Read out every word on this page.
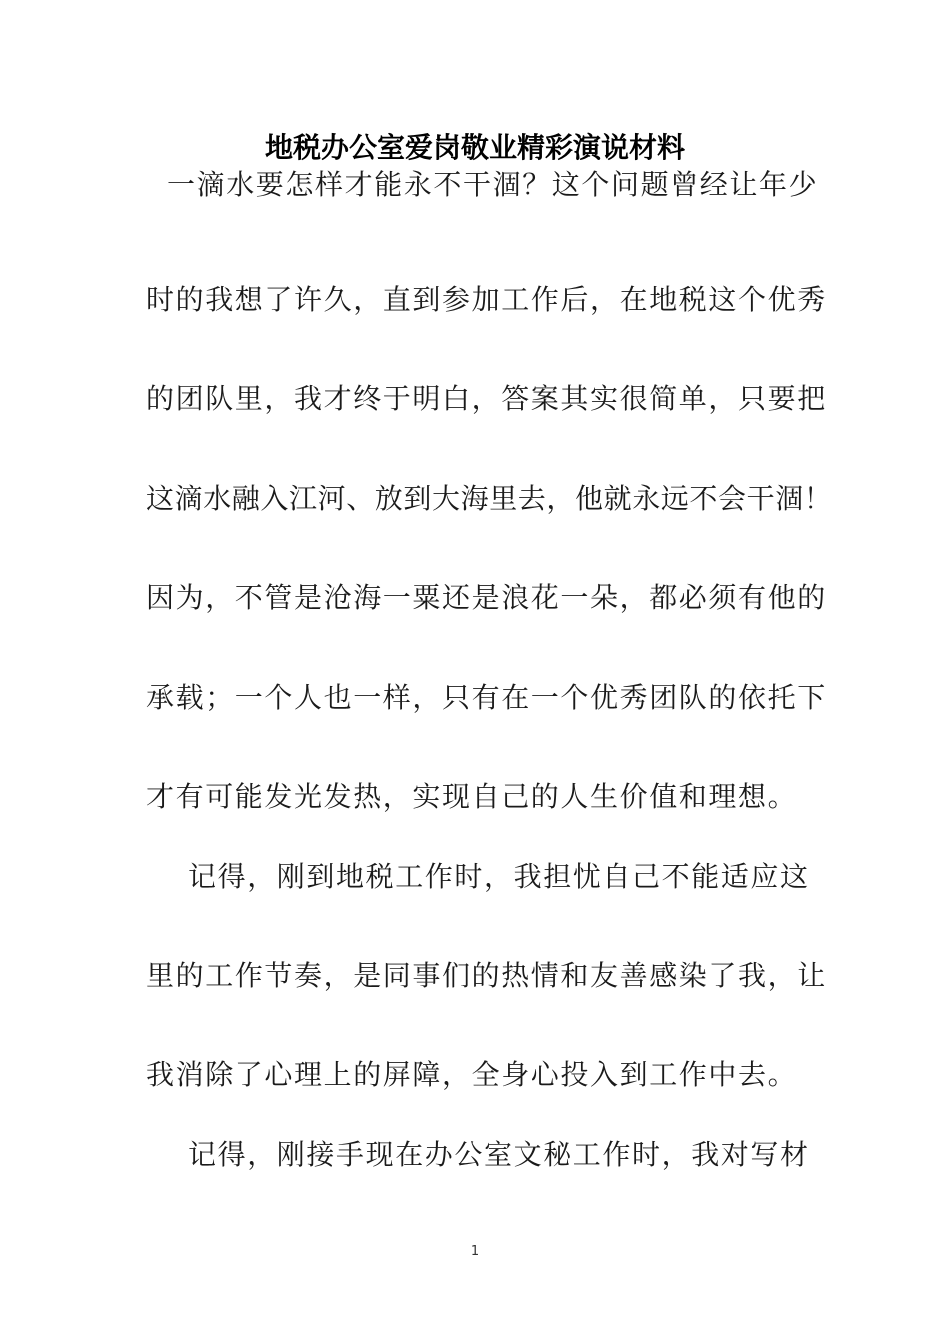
地税办公室爱岗敬业精彩演说材料
一滴水要怎样才能永不干涸？这个问题曾经让年少
时的我想了许久，直到参加工作后，在地税这个优秀
的团队里，我才终于明白，答案其实很简单，只要把
这滴水融入江河、放到大海里去，他就永远不会干涸！
因为，不管是沧海一粟还是浪花一朵，都必须有他的
承载；一个人也一样，只有在一个优秀团队的依托下
才有可能发光发热，实现自己的人生价值和理想。
记得，刚到地税工作时，我担忧自己不能适应这
里的工作节奏，是同事们的热情和友善感染了我，让
我消除了心理上的屏障，全身心投入到工作中去。
记得，刚接手现在办公室文秘工作时，我对写材
1
